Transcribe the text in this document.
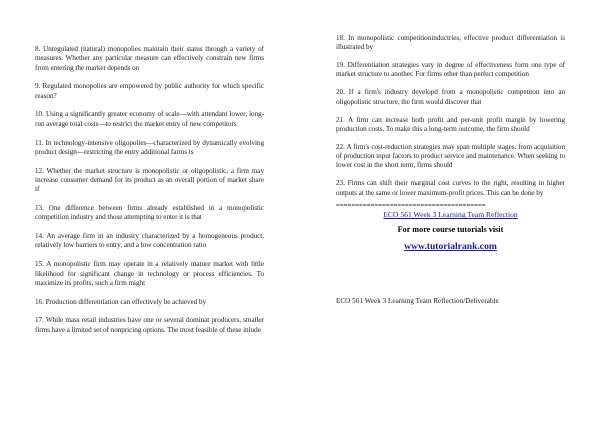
8. Unregulated (natural) monopolies maintain their status through a variety of measures. Whether any particular measure can effectively constrain new firms from entering the market depends on

9. Regulated monopolies are empowered by public authority for which specific reason?

10. Using a significantly greater economy of scale—with attendant lower, long-run average total costs—to restrict the market entry of new competitors

11. In technology-intensive oligopolies—characterized by dynamically evolving product design—restricting the entry additional farms is

12. Whether the market structure is monopolistic or oligopolistic, a firm may increase consumer demand for its product as an overall portion of market share if

13. One difference between firms already established in a monopolistic competition industry and those attempting to enter it is that

14. An average firm in an industry characterized by a homogeneous product, relatively low barriers to entry, and a low concentration ratio

15. A monopolistic firm may operate in a relatively mature market with little likelihood for significant change in technology or process efficiencies. To maximize its profits, such a firm might

16. Production differentiation can effectively be achieved by

17. While mass retail industries have one or several dominat producers, smaller firms have a limited set of nonpricing options. The most feasible of these inlude

18. In monopolistic competitioninductries, effective product differentiation is illustrated by

19. Differentiation strategies vary in degree of effectiveness form one type of market structure to another. For firms other than perfect competition

20. If a firm's industry developd from a monopolistic competiton into an oligopolistic structure, the firm would discover that

21. A firm can increase both profit and per-unit profit margin by lowering production costs. To make this a long-term outcome, the firm should

22. A firm's cost-reduction strategies may span multiple stages, from acquisition of production input factors to product service and maintenance. When seeking to lower cost in the short term, firms should

23. Firms can shift their marginal cost curves to the right, resulting in higher outputs at the same or lower maximum-profit prices. This can be done by

=======================================
ECO 561 Week 3 Learning Team Reflection
For more course tutorials visit
www.tutorialrank.com
ECO 561 Week 3 Learning Team Reflection/Deliverable
